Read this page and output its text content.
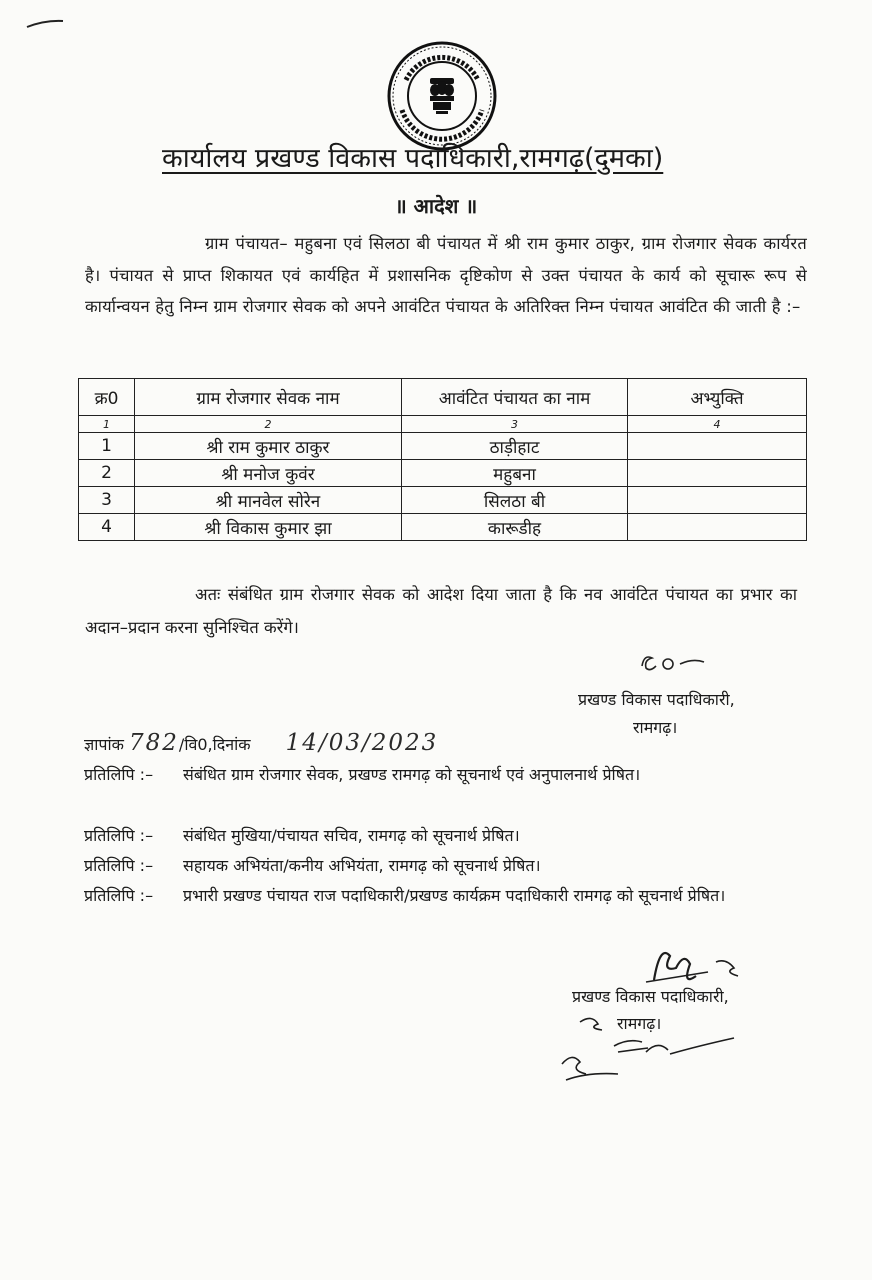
कार्यालय प्रखण्ड विकास पदाधिकारी,रामगढ़(दुमका)
॥ आदेश ॥
ग्राम पंचायत– महुबना एवं सिलठा बी पंचायत में श्री राम कुमार ठाकुर, ग्राम रोजगार सेवक कार्यरत है। पंचायत से प्राप्त शिकायत एवं कार्यहित में प्रशासनिक दृष्टिकोण से उक्त पंचायत के कार्य को सूचारू रूप से कार्यान्वयन हेतु निम्न ग्राम रोजगार सेवक को अपने आवंटित पंचायत के अतिरिक्त निम्न पंचायत आवंटित की जाती है :–
क्र0	ग्राम रोजगार सेवक नाम	आवंटित पंचायत का नाम	अभ्युक्ति
1	2	3	4
1	श्री राम कुमार ठाकुर	ठाड़ीहाट	
2	श्री मनोज कुवंर	महुबना	
3	श्री मानवेल सोरेन	सिलठा बी	
4	श्री विकास कुमार झा	कारूडीह	
अतः संबंधित ग्राम रोजगार सेवक को आदेश दिया जाता है कि नव आवंटित पंचायत का प्रभार का अदान–प्रदान करना सुनिश्चित करेंगे।
प्रखण्ड विकास पदाधिकारी,
रामगढ़।
ज्ञापांक 782/वि0,दिनांक 14/03/2023
प्रतिलिपि :– संबंधित ग्राम रोजगार सेवक, प्रखण्ड रामगढ़ को सूचनार्थ एवं अनुपालनार्थ प्रेषित।
प्रतिलिपि :– संबंधित मुखिया/पंचायत सचिव, रामगढ़ को सूचनार्थ प्रेषित।
प्रतिलिपि :– सहायक अभियंता/कनीय अभियंता, रामगढ़ को सूचनार्थ प्रेषित।
प्रतिलिपि :– प्रभारी प्रखण्ड पंचायत राज पदाधिकारी/प्रखण्ड कार्यक्रम पदाधिकारी रामगढ़ को सूचनार्थ प्रेषित।
प्रखण्ड विकास पदाधिकारी,
रामगढ़।
